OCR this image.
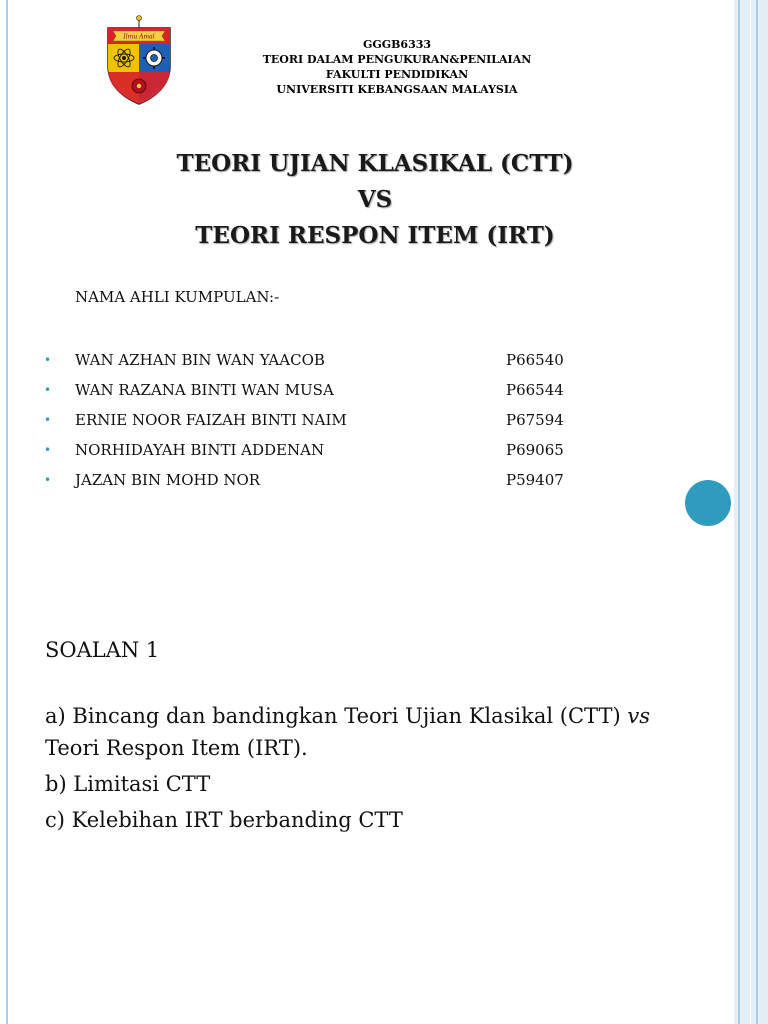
Ilmu Amal
GGGB6333
TEORI DALAM PENGUKURAN&PENILAIAN
FAKULTI PENDIDIKAN
UNIVERSITI KEBANGSAAN MALAYSIA
TEORI UJIAN KLASIKAL (CTT)
VS
TEORI RESPON ITEM (IRT)
NAMA AHLI KUMPULAN:-
• WAN AZHAN BIN WAN YAACOB	P66540
• WAN RAZANA BINTI WAN MUSA	P66544
• ERNIE NOOR FAIZAH BINTI NAIM	P67594
• NORHIDAYAH BINTI ADDENAN	P69065
• JAZAN BIN MOHD NOR	P59407
SOALAN 1
a) Bincang dan bandingkan Teori Ujian Klasikal (CTT) vs Teori Respon Item (IRT).
b) Limitasi CTT
c) Kelebihan IRT berbanding CTT
